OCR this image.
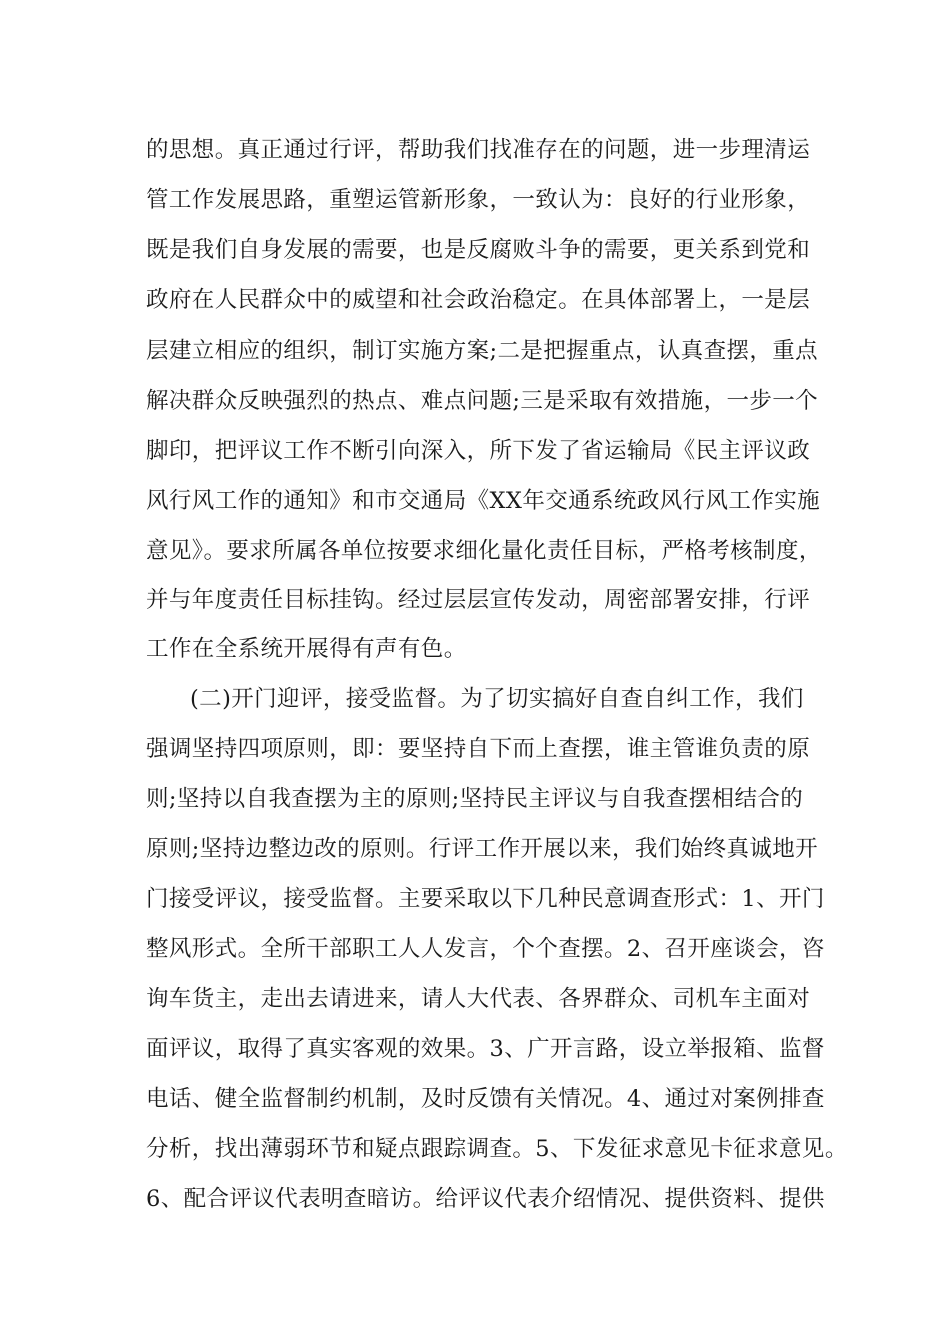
的思想。真正通过行评，帮助我们找准存在的问题，进一步理清运
管工作发展思路，重塑运管新形象，一致认为：良好的行业形象，
既是我们自身发展的需要，也是反腐败斗争的需要，更关系到党和
政府在人民群众中的威望和社会政治稳定。在具体部署上，一是层
层建立相应的组织，制订实施方案;二是把握重点，认真查摆，重点
解决群众反映强烈的热点、难点问题;三是采取有效措施，一步一个
脚印，把评议工作不断引向深入，所下发了省运输局《民主评议政
风行风工作的通知》和市交通局《XX年交通系统政风行风工作实施
意见》。要求所属各单位按要求细化量化责任目标，严格考核制度，
并与年度责任目标挂钩。经过层层宣传发动，周密部署安排，行评
工作在全系统开展得有声有色。
(二)开门迎评，接受监督。为了切实搞好自查自纠工作，我们
强调坚持四项原则，即：要坚持自下而上查摆，谁主管谁负责的原
则;坚持以自我查摆为主的原则;坚持民主评议与自我查摆相结合的
原则;坚持边整边改的原则。行评工作开展以来，我们始终真诚地开
门接受评议，接受监督。主要采取以下几种民意调查形式：1、开门
整风形式。全所干部职工人人发言，个个查摆。2、召开座谈会，咨
询车货主，走出去请进来，请人大代表、各界群众、司机车主面对
面评议，取得了真实客观的效果。3、广开言路，设立举报箱、监督
电话、健全监督制约机制，及时反馈有关情况。4、通过对案例排查
分析，找出薄弱环节和疑点跟踪调查。5、下发征求意见卡征求意见。
6、配合评议代表明查暗访。给评议代表介绍情况、提供资料、提供
